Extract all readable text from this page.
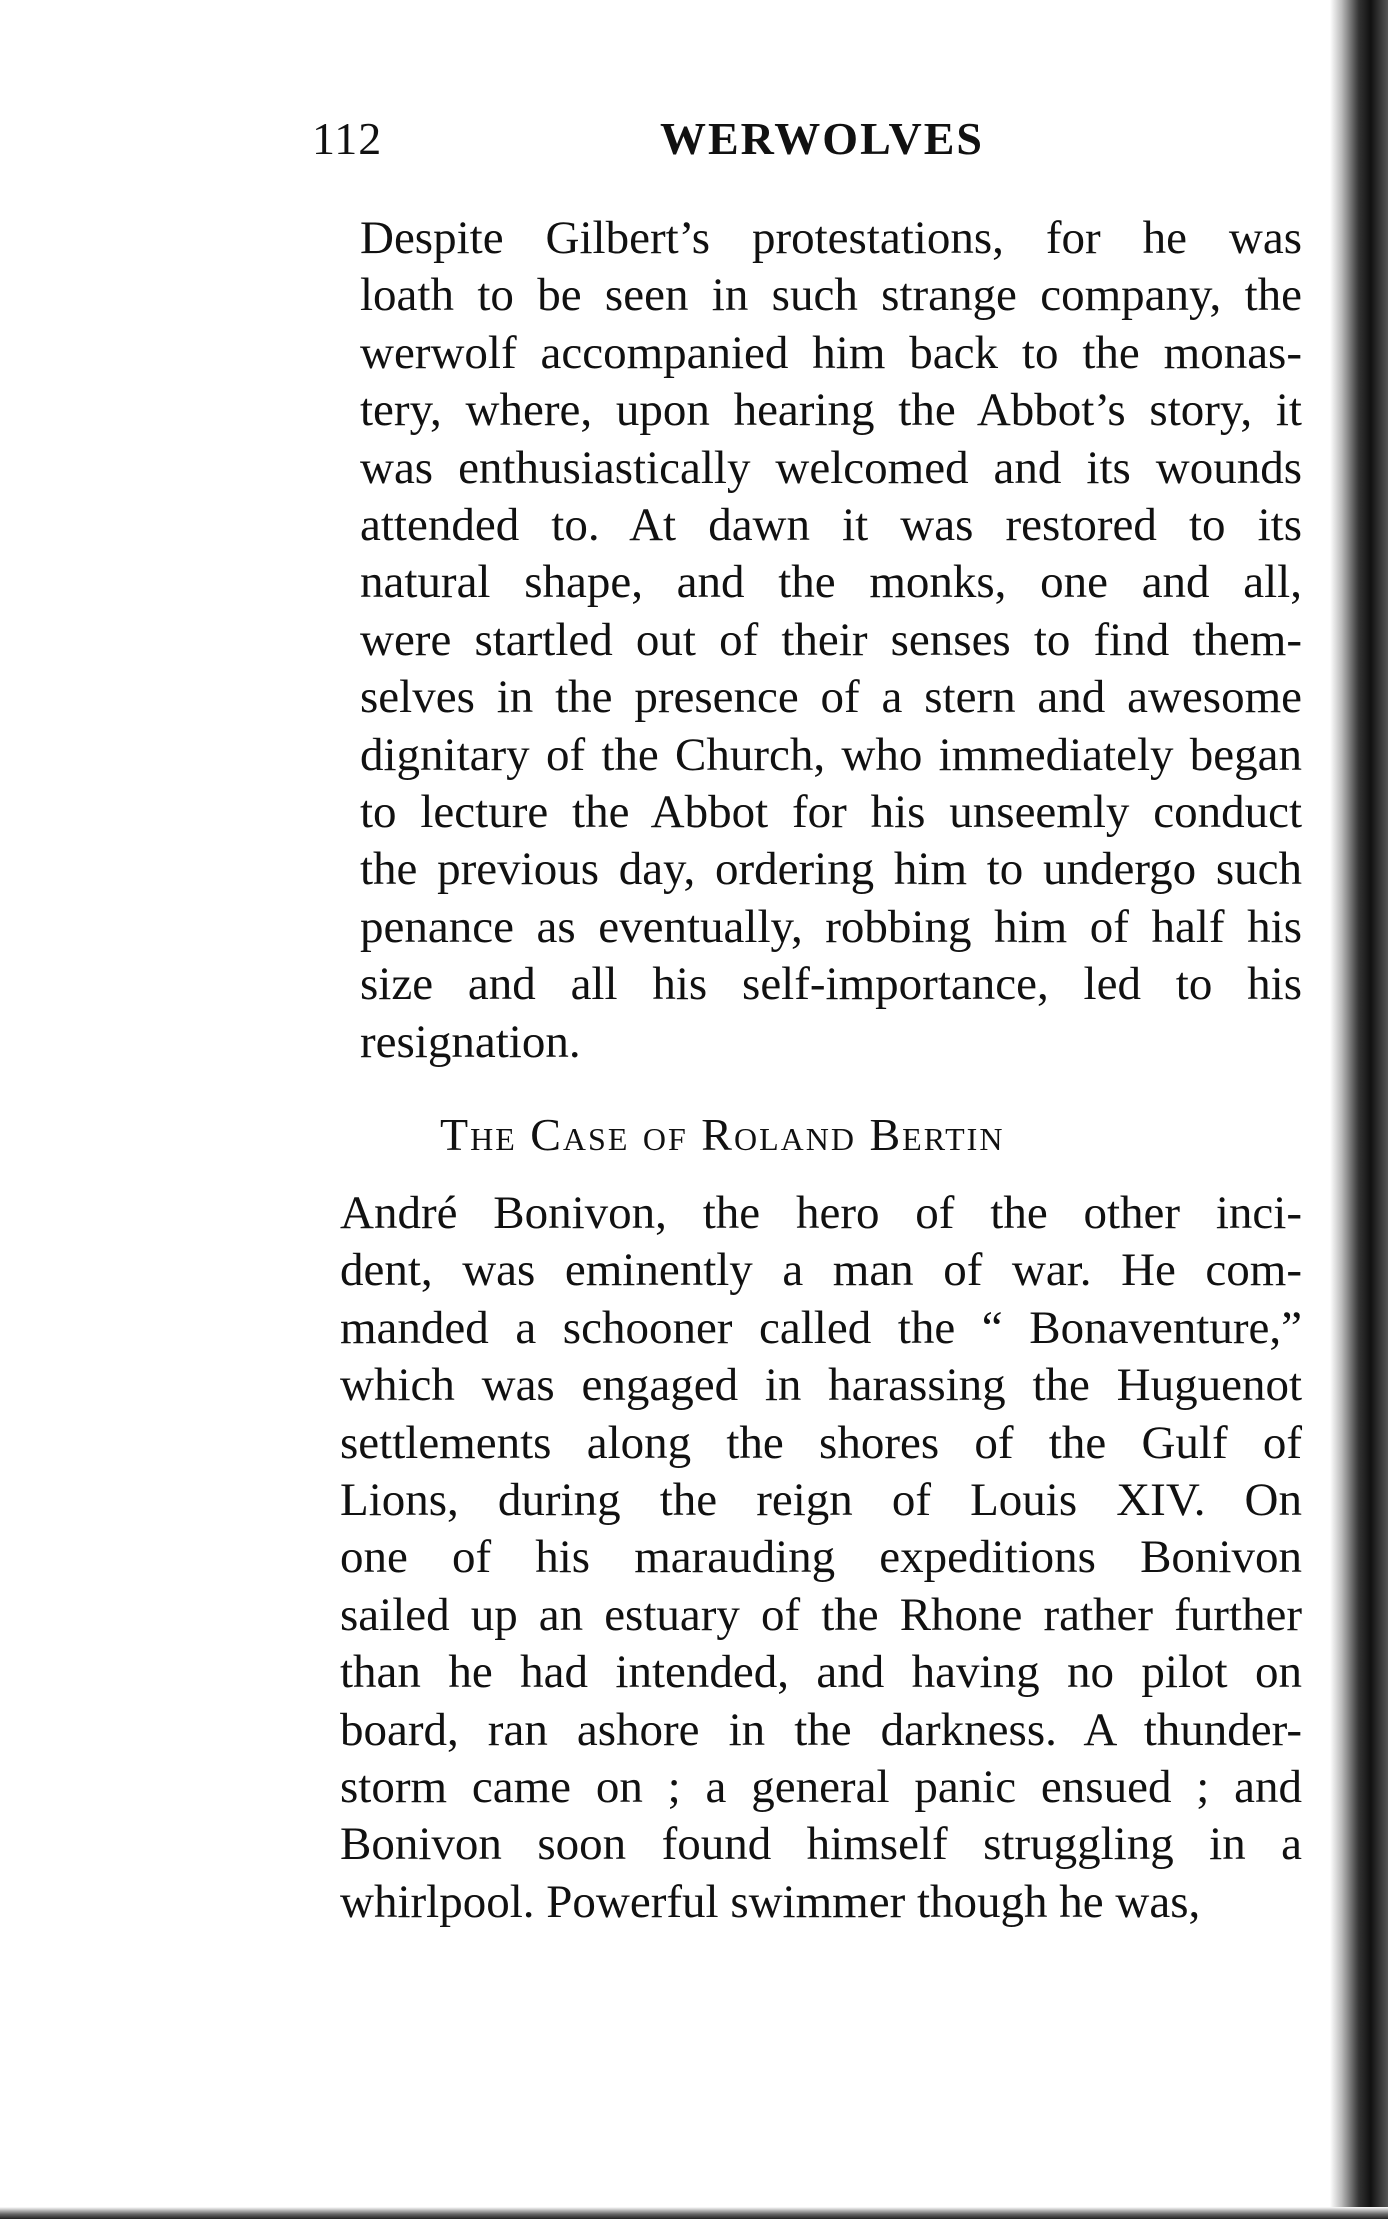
112	WERWOLVES
Despite Gilbert’s protestations, for he was
loath to be seen in such strange company, the
werwolf accompanied him back to the monas-
tery, where, upon hearing the Abbot’s story, it
was enthusiastically welcomed and its wounds
attended to. At dawn it was restored to its
natural shape, and the monks, one and all,
were startled out of their senses to find them-
selves in the presence of a stern and awesome
dignitary of the Church, who immediately began
to lecture the Abbot for his unseemly conduct
the previous day, ordering him to undergo such
penance as eventually, robbing him of half his
size and all his self-importance, led to his
resignation.
The Case of Roland Bertin
André Bonivon, the hero of the other inci-
dent, was eminently a man of war. He com-
manded a schooner called the “ Bonaventure,”
which was engaged in harassing the Huguenot
settlements along the shores of the Gulf of
Lions, during the reign of Louis XIV. On
one of his marauding expeditions Bonivon
sailed up an estuary of the Rhone rather further
than he had intended, and having no pilot on
board, ran ashore in the darkness. A thunder-
storm came on ; a general panic ensued ; and
Bonivon soon found himself struggling in a
whirlpool. Powerful swimmer though he was,
